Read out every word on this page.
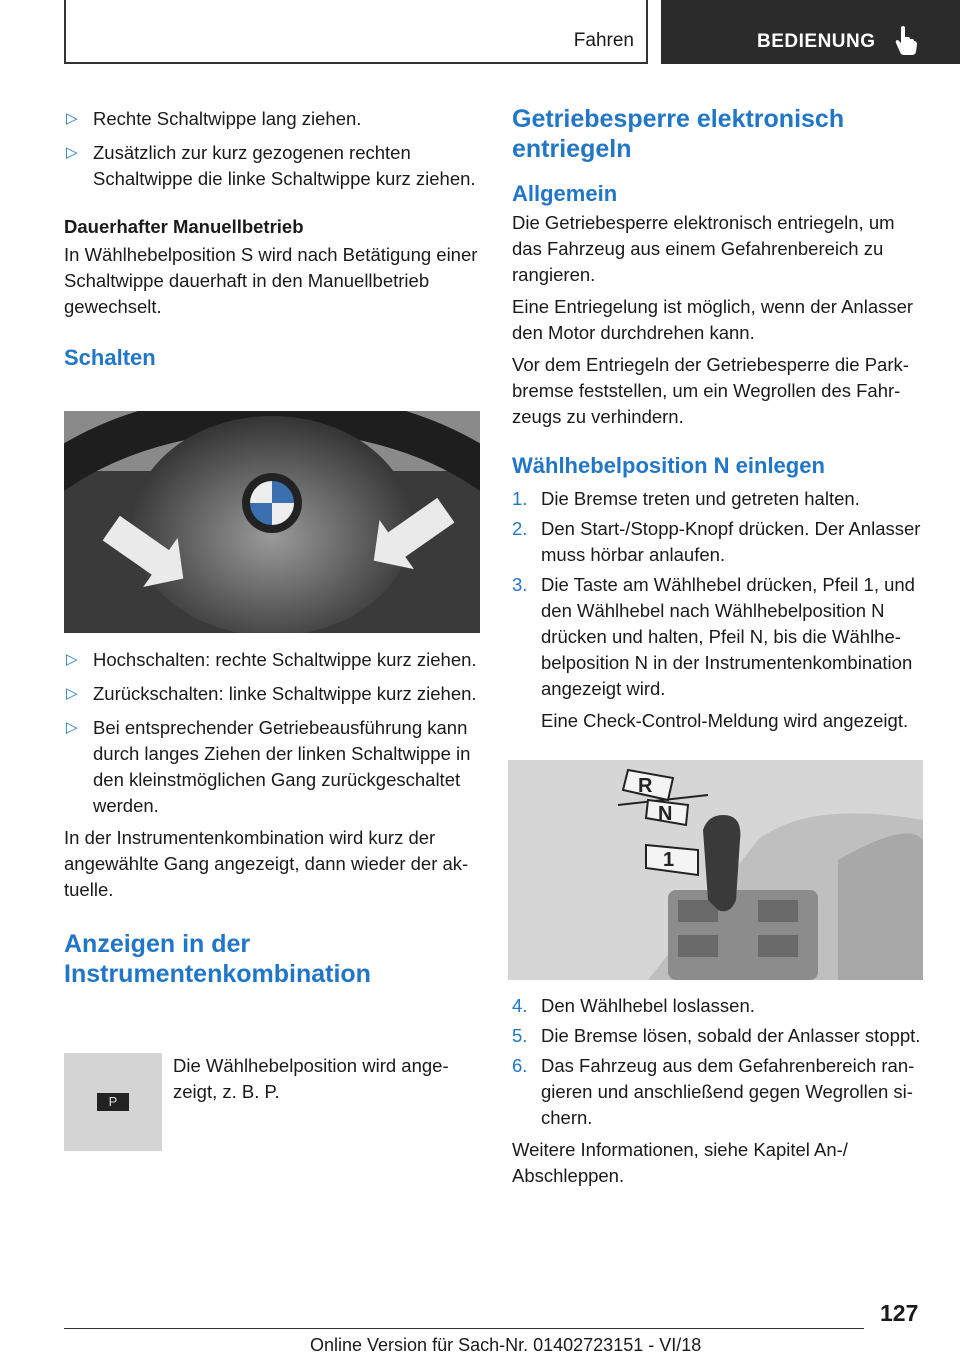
Fahren	BEDIENUNG
▷ Rechte Schaltwippe lang ziehen.
▷ Zusätzlich zur kurz gezogenen rechten Schaltwippe die linke Schaltwippe kurz ziehen.

Dauerhafter Manuellbetrieb

In Wählhebelposition S wird nach Betätigung einer Schaltwippe dauerhaft in den Manuellbetrieb gewechselt.

Schalten
▷ Hochschalten: rechte Schaltwippe kurz ziehen.
▷ Zurückschalten: linke Schaltwippe kurz ziehen.
▷ Bei entsprechender Getriebeausführung kann durch langes Ziehen der linken Schaltwippe in den kleinstmöglichen Gang zurückgeschaltet werden.

In der Instrumentenkombination wird kurz der angewählte Gang angezeigt, dann wieder der aktuelle.

Anzeigen in der Instrumentenkombination
P

Die Wählhebelposition wird angezeigt, z. B. P.

Getriebesperre elektronisch entriegeln
Allgemein

Die Getriebesperre elektronisch entriegeln, um das Fahrzeug aus einem Gefahrenbereich zu rangieren.

Eine Entriegelung ist möglich, wenn der Anlasser den Motor durchdrehen kann.

Vor dem Entriegeln der Getriebesperre die Parkbremse feststellen, um ein Wegrollen des Fahrzeugs zu verhindern.

Wählhebelposition N einlegen
1. Die Bremse treten und getreten halten.
2. Den Start-/Stopp-Knopf drücken. Der Anlasser muss hörbar anlaufen.
3. Die Taste am Wählhebel drücken, Pfeil 1, und den Wählhebel nach Wählhebelposition N drücken und halten, Pfeil N, bis die Wählhebelposition N in der Instrumentenkombination angezeigt wird.

Eine Check-Control-Meldung wird angezeigt.

R
N
1
4. Den Wählhebel loslassen.
5. Die Bremse lösen, sobald der Anlasser stoppt.
6. Das Fahrzeug aus dem Gefahrenbereich rangieren und anschließend gegen Wegrollen sichern.

Weitere Informationen, siehe Kapitel An-/ Abschleppen.

127
Online Version für Sach-Nr. 01402723151 - VI/18
